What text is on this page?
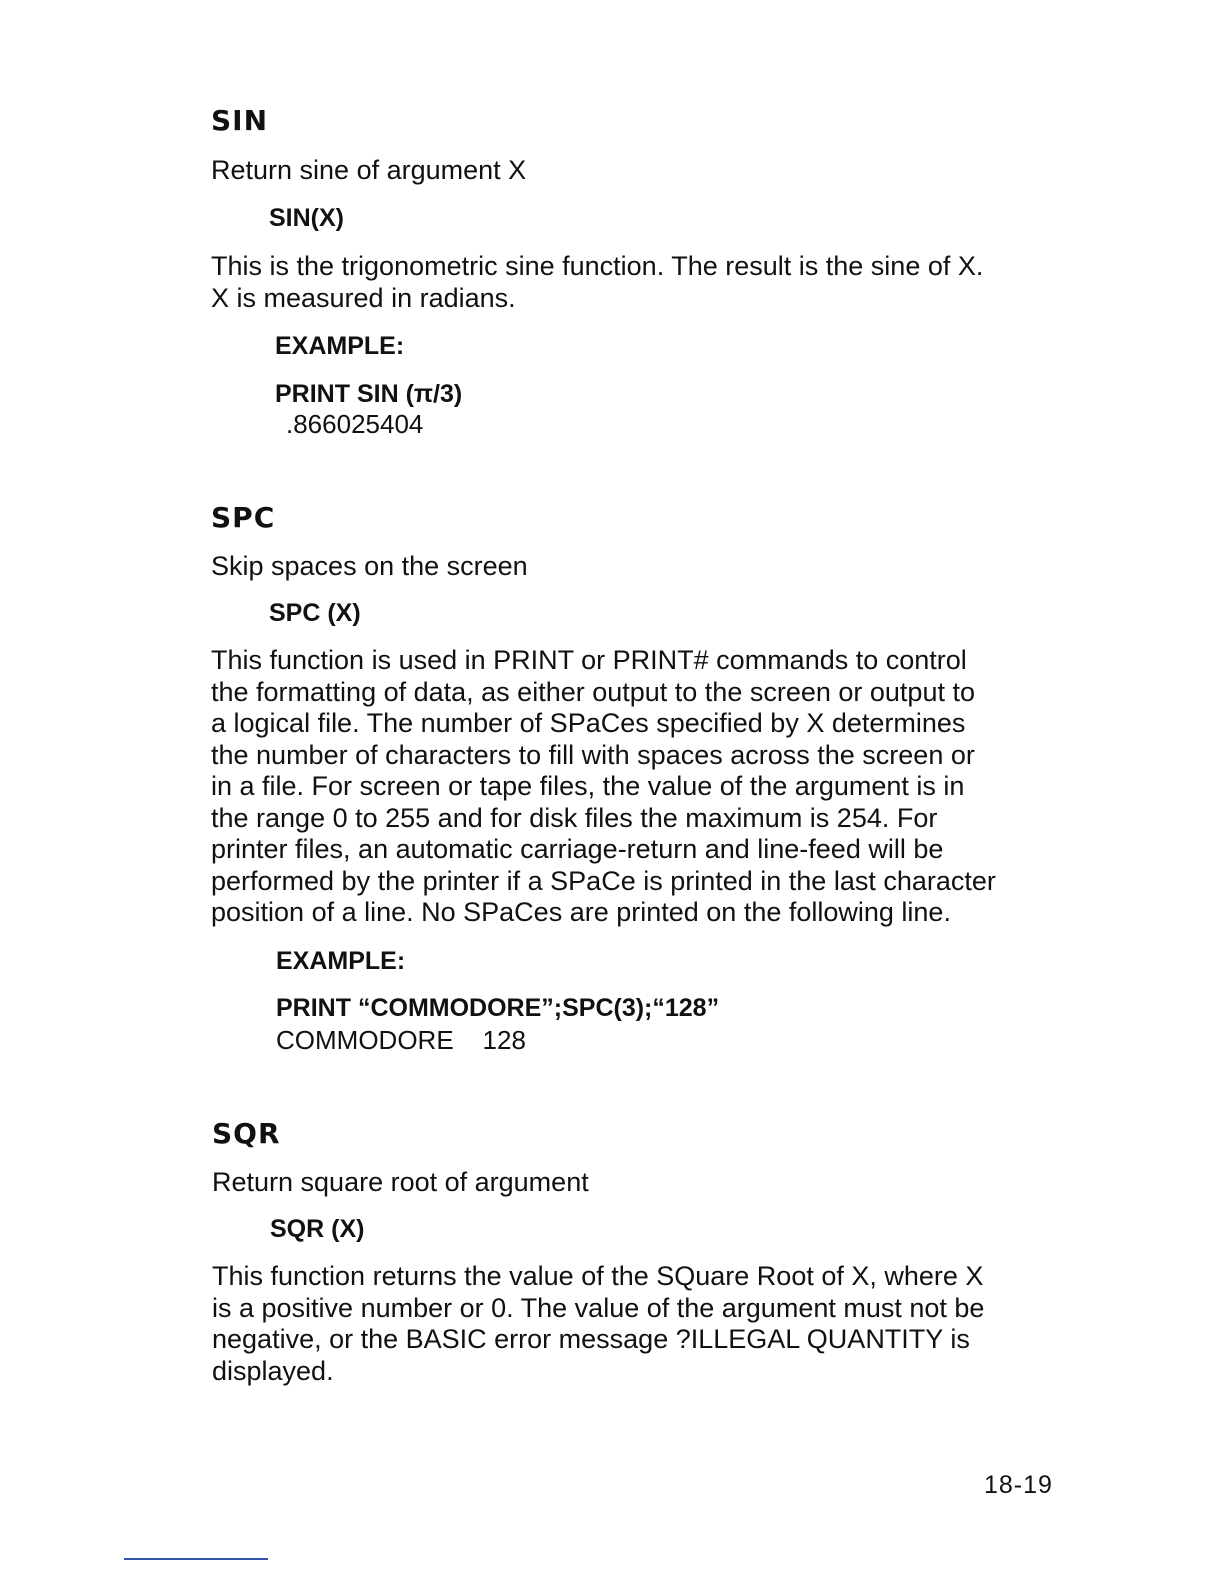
SIN

Return sine of argument X

SIN(X)

This is the trigonometric sine function. The result is the sine of X.

X is measured in radians.

EXAMPLE:

PRINT SIN (π/3)

.866025404

SPC

Skip spaces on the screen

SPC (X)

This function is used in PRINT or PRINT# commands to control

the formatting of data, as either output to the screen or output to

a logical file. The number of SPaCes specified by X determines

the number of characters to fill with spaces across the screen or

in a file. For screen or tape files, the value of the argument is in

the range 0 to 255 and for disk files the maximum is 254. For

printer files, an automatic carriage-return and line-feed will be

performed by the printer if a SPaCe is printed in the last character

position of a line. No SPaCes are printed on the following line.

EXAMPLE:

PRINT “COMMODORE”;SPC(3);“128”

COMMODORE    128

SQR

Return square root of argument

SQR (X)

This function returns the value of the SQuare Root of X, where X

is a positive number or 0. The value of the argument must not be

negative, or the BASIC error message ?ILLEGAL QUANTITY is

displayed.

18-19
